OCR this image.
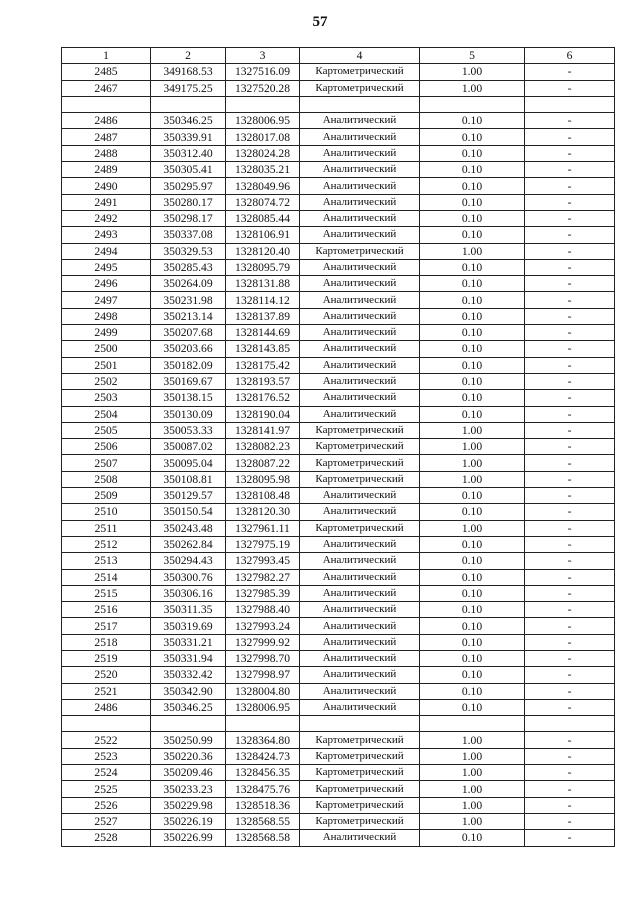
57
1	2	3	4	5	6
2485	349168.53	1327516.09	Картометрический	1.00	-
2467	349175.25	1327520.28	Картометрический	1.00	-

2486	350346.25	1328006.95	Аналитический	0.10	-
2487	350339.91	1328017.08	Аналитический	0.10	-
2488	350312.40	1328024.28	Аналитический	0.10	-
2489	350305.41	1328035.21	Аналитический	0.10	-
2490	350295.97	1328049.96	Аналитический	0.10	-
2491	350280.17	1328074.72	Аналитический	0.10	-
2492	350298.17	1328085.44	Аналитический	0.10	-
2493	350337.08	1328106.91	Аналитический	0.10	-
2494	350329.53	1328120.40	Картометрический	1.00	-
2495	350285.43	1328095.79	Аналитический	0.10	-
2496	350264.09	1328131.88	Аналитический	0.10	-
2497	350231.98	1328114.12	Аналитический	0.10	-
2498	350213.14	1328137.89	Аналитический	0.10	-
2499	350207.68	1328144.69	Аналитический	0.10	-
2500	350203.66	1328143.85	Аналитический	0.10	-
2501	350182.09	1328175.42	Аналитический	0.10	-
2502	350169.67	1328193.57	Аналитический	0.10	-
2503	350138.15	1328176.52	Аналитический	0.10	-
2504	350130.09	1328190.04	Аналитический	0.10	-
2505	350053.33	1328141.97	Картометрический	1.00	-
2506	350087.02	1328082.23	Картометрический	1.00	-
2507	350095.04	1328087.22	Картометрический	1.00	-
2508	350108.81	1328095.98	Картометрический	1.00	-
2509	350129.57	1328108.48	Аналитический	0.10	-
2510	350150.54	1328120.30	Аналитический	0.10	-
2511	350243.48	1327961.11	Картометрический	1.00	-
2512	350262.84	1327975.19	Аналитический	0.10	-
2513	350294.43	1327993.45	Аналитический	0.10	-
2514	350300.76	1327982.27	Аналитический	0.10	-
2515	350306.16	1327985.39	Аналитический	0.10	-
2516	350311.35	1327988.40	Аналитический	0.10	-
2517	350319.69	1327993.24	Аналитический	0.10	-
2518	350331.21	1327999.92	Аналитический	0.10	-
2519	350331.94	1327998.70	Аналитический	0.10	-
2520	350332.42	1327998.97	Аналитический	0.10	-
2521	350342.90	1328004.80	Аналитический	0.10	-
2486	350346.25	1328006.95	Аналитический	0.10	-

2522	350250.99	1328364.80	Картометрический	1.00	-
2523	350220.36	1328424.73	Картометрический	1.00	-
2524	350209.46	1328456.35	Картометрический	1.00	-
2525	350233.23	1328475.76	Картометрический	1.00	-
2526	350229.98	1328518.36	Картометрический	1.00	-
2527	350226.19	1328568.55	Картометрический	1.00	-
2528	350226.99	1328568.58	Аналитический	0.10	-
